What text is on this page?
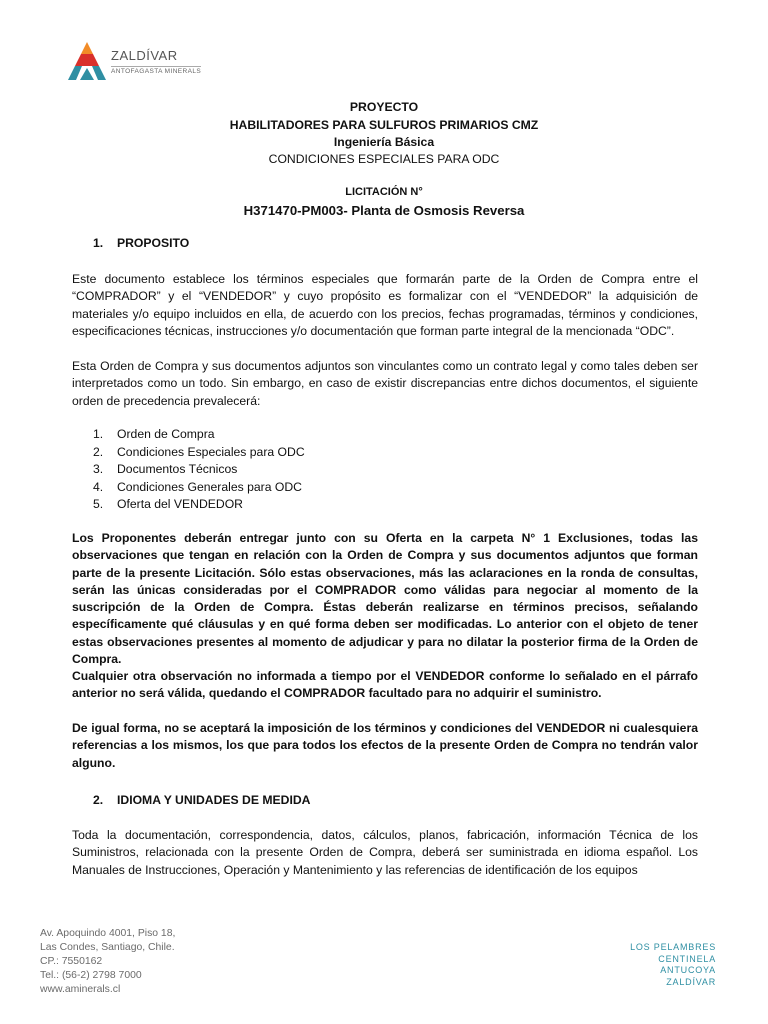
ZALDÍVAR
ANTOFAGASTA MINERALS
PROYECTO
HABILITADORES PARA SULFUROS PRIMARIOS CMZ
Ingeniería Básica
CONDICIONES ESPECIALES PARA ODC
LICITACIÓN N°
H371470-PM003- Planta de Osmosis Reversa
1. PROPOSITO

Este documento establece los términos especiales que formarán parte de la Orden de Compra entre el “COMPRADOR” y el “VENDEDOR” y cuyo propósito es formalizar con el “VENDEDOR” la adquisición de materiales y/o equipo incluidos en ella, de acuerdo con los precios, fechas programadas, términos y condiciones, especificaciones técnicas, instrucciones y/o documentación que forman parte integral de la mencionada “ODC”.

Esta Orden de Compra y sus documentos adjuntos son vinculantes como un contrato legal y como tales deben ser interpretados como un todo. Sin embargo, en caso de existir discrepancias entre dichos documentos, el siguiente orden de precedencia prevalecerá:

1. Orden de Compra
2. Condiciones Especiales para ODC
3. Documentos Técnicos
4. Condiciones Generales para ODC
5. Oferta del VENDEDOR

Los Proponentes deberán entregar junto con su Oferta en la carpeta N° 1 Exclusiones, todas las observaciones que tengan en relación con la Orden de Compra y sus documentos adjuntos que forman parte de la presente Licitación. Sólo estas observaciones, más las aclaraciones en la ronda de consultas, serán las únicas consideradas por el COMPRADOR como válidas para negociar al momento de la suscripción de la Orden de Compra. Éstas deberán realizarse en términos precisos, señalando específicamente qué cláusulas y en qué forma deben ser modificadas. Lo anterior con el objeto de tener estas observaciones presentes al momento de adjudicar y para no dilatar la posterior firma de la Orden de Compra.

Cualquier otra observación no informada a tiempo por el VENDEDOR conforme lo señalado en el párrafo anterior no será válida, quedando el COMPRADOR facultado para no adquirir el suministro.

De igual forma, no se aceptará la imposición de los términos y condiciones del VENDEDOR ni cualesquiera referencias a los mismos, los que para todos los efectos de la presente Orden de Compra no tendrán valor alguno.

2. IDIOMA Y UNIDADES DE MEDIDA

Toda la documentación, correspondencia, datos, cálculos, planos, fabricación, información Técnica de los Suministros, relacionada con la presente Orden de Compra, deberá ser suministrada en idioma español. Los Manuales de Instrucciones, Operación y Mantenimiento y las referencias de identificación de los equipos

Av. Apoquindo 4001, Piso 18,
Las Condes, Santiago, Chile.
CP.: 7550162
Tel.: (56-2) 2798 7000
www.aminerals.cl
LOS PELAMBRES
CENTINELA
ANTUCOYA
ZALDÍVAR
